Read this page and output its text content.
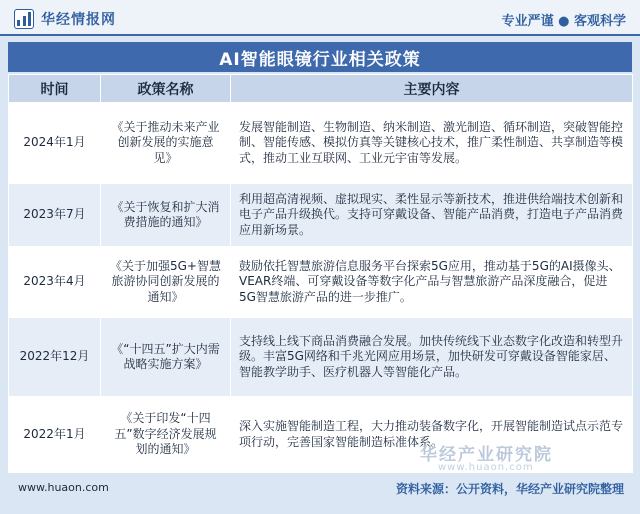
华经情报网	专业严谨 ● 客观科学
AI智能眼镜行业相关政策
时间	政策名称	主要内容
2024年1月	《关于推动未来产业创新发展的实施意见》	发展智能制造、生物制造、纳米制造、激光制造、循环制造，突破智能控制、智能传感、模拟仿真等关键核心技术，推广柔性制造、共享制造等模式，推动工业互联网、工业元宇宙等发展。
2023年7月	《关于恢复和扩大消费措施的通知》	利用超高清视频、虚拟现实、柔性显示等新技术，推进供给端技术创新和电子产品升级换代。支持可穿戴设备、智能产品消费，打造电子产品消费应用新场景。
2023年4月	《关于加强5G+智慧旅游协同创新发展的通知》	鼓励依托智慧旅游信息服务平台探索5G应用，推动基于5G的AI摄像头、VEAR终端、可穿戴设备等数字化产品与智慧旅游产品深度融合，促进5G智慧旅游产品的进一步推广。
2022年12月	《“十四五”扩大内需战略实施方案》	支持线上线下商品消费融合发展。加快传统线下业态数字化改造和转型升级。丰富5G网络和千兆光网应用场景，加快研发可穿戴设备智能家居、智能教学助手、医疗机器人等智能化产品。
2022年1月	《关于印发“十四五”数字经济发展规划的通知》	深入实施智能制造工程，大力推动装备数字化，开展智能制造试点示范专项行动，完善国家智能制造标准体系。
华经产业研究院
www.huaon.com
www.huaon.com	资料来源：公开资料，华经产业研究院整理
